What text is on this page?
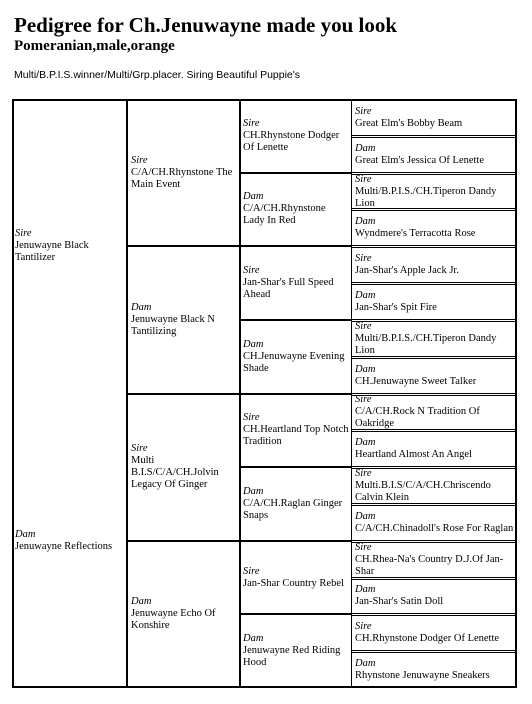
Pedigree for Ch.Jenuwayne made you look
Pomeranian,male,orange
Multi/B.P.I.S.winner/Multi/Grp.placer. Siring Beautiful Puppie's
Sire
Jenuwayne Black Tantilizer
Dam
Jenuwayne Reflections
Sire
C/A/CH.Rhynstone The Main Event
Dam
Jenuwayne Black N Tantilizing
Sire
Multi B.I.S/C/A/CH.Jolvin Legacy Of Ginger
Dam
Jenuwayne Echo Of Konshire
Sire
CH.Rhynstone Dodger Of Lenette
Dam
C/A/CH.Rhynstone Lady In Red
Sire
Jan-Shar's Full Speed Ahead
Dam
CH.Jenuwayne Evening Shade
Sire
CH.Heartland Top Notch Tradition
Dam
C/A/CH.Raglan Ginger Snaps
Sire
Jan-Shar Country Rebel
Dam
Jenuwayne Red Riding Hood
Sire
Great Elm's Bobby Beam
Dam
Great Elm's Jessica Of Lenette
Sire
Multi/B.P.I.S./CH.Tiperon Dandy Lion
Dam
Wyndmere's Terracotta Rose
Sire
Jan-Shar's Apple Jack Jr.
Dam
Jan-Shar's Spit Fire
Sire
Multi/B.P.I.S./CH.Tiperon Dandy Lion
Dam
CH.Jenuwayne Sweet Talker
Sire
C/A/CH.Rock N Tradition Of Oakridge
Dam
Heartland Almost An Angel
Sire
Multi.B.I.S/C/A/CH.Chriscendo Calvin Klein
Dam
C/A/CH.Chinadoll's Rose For Raglan
Sire
CH.Rhea-Na's Country D.J.Of Jan-Shar
Dam
Jan-Shar's Satin Doll
Sire
CH.Rhynstone Dodger Of Lenette
Dam
Rhynstone Jenuwayne Sneakers
